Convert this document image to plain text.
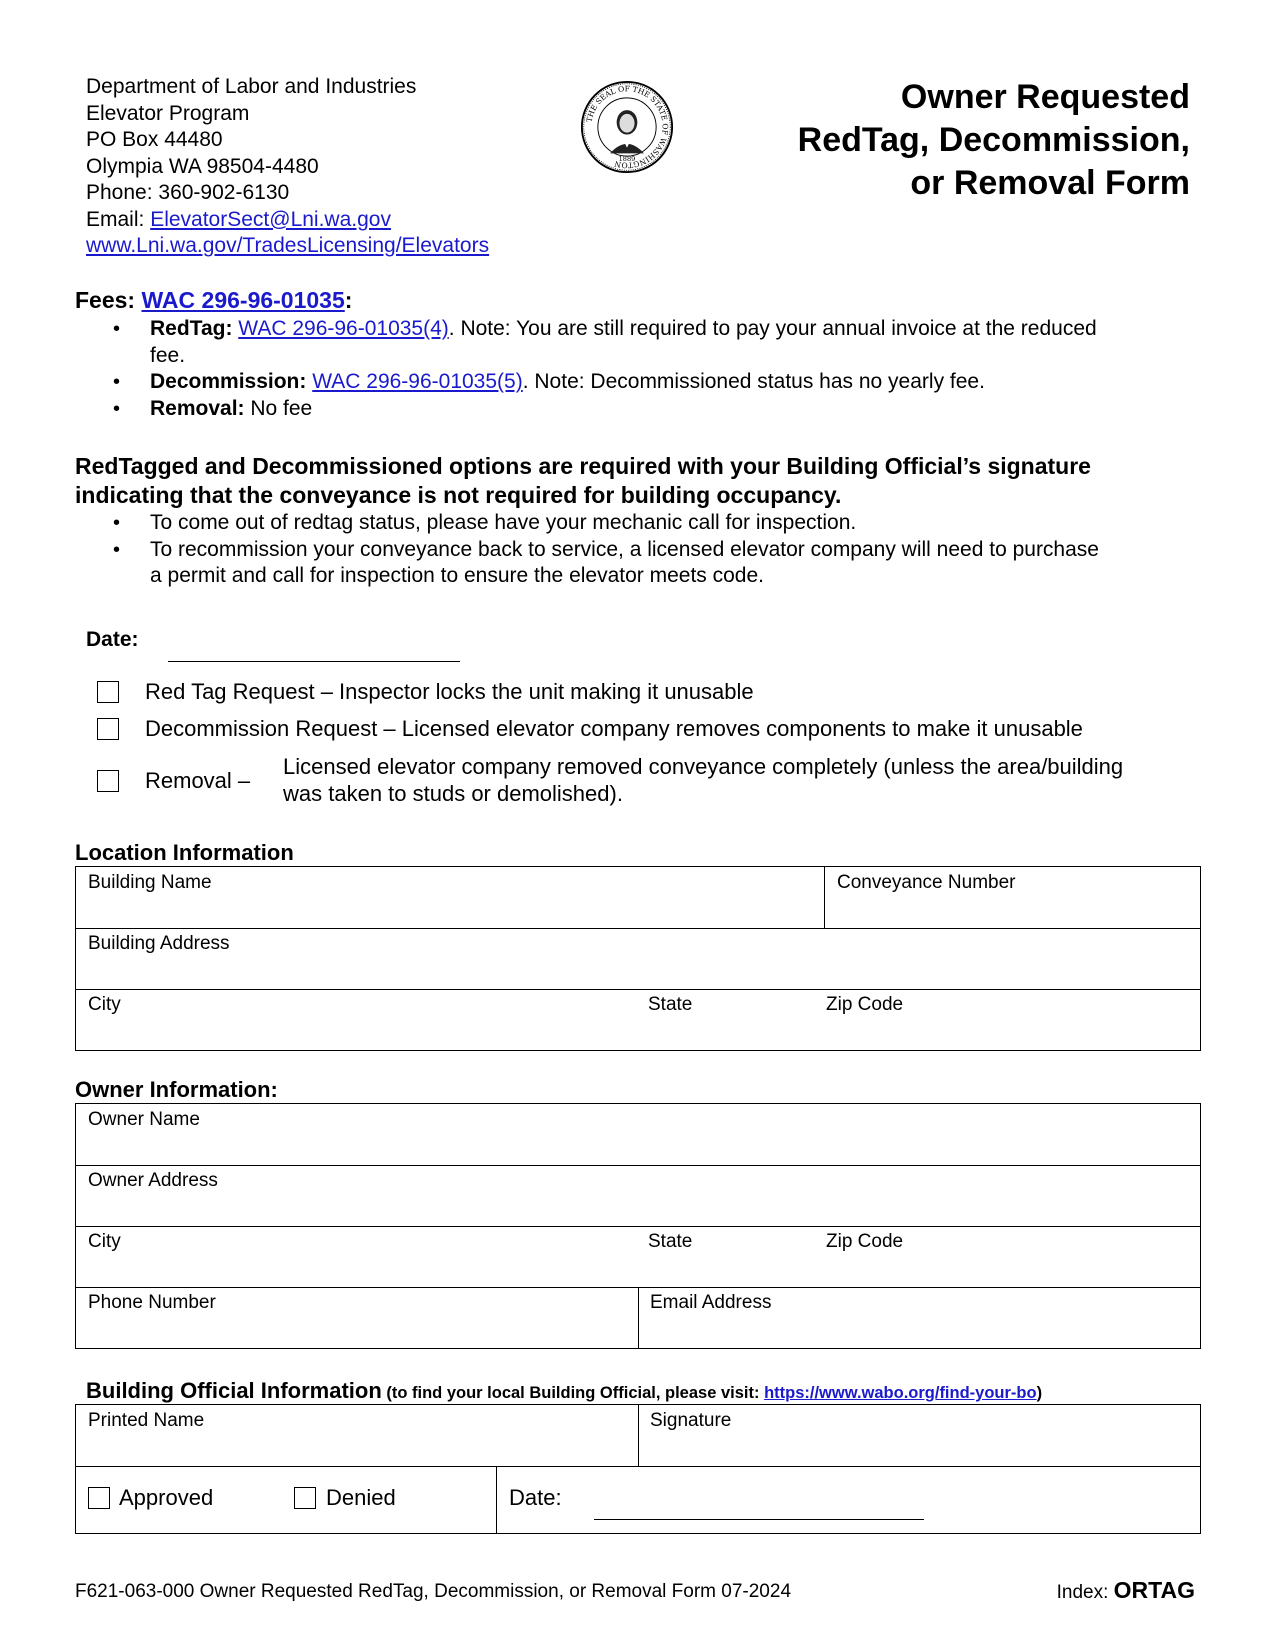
Department of Labor and Industries
Elevator Program
PO Box 44480
Olympia WA 98504-4480
Phone: 360-902-6130
Email: ElevatorSect@Lni.wa.gov
www.Lni.wa.gov/TradesLicensing/Elevators
THE SEAL OF THE STATE OF WASHINGTON
1889
Owner Requested
RedTag, Decommission,
or Removal Form
Fees: WAC 296-96-01035:
• RedTag: WAC 296-96-01035(4). Note: You are still required to pay your annual invoice at the reduced
fee.
• Decommission: WAC 296-96-01035(5). Note: Decommissioned status has no yearly fee.
• Removal: No fee
RedTagged and Decommissioned options are required with your Building Official’s signature
indicating that the conveyance is not required for building occupancy.
• To come out of redtag status, please have your mechanic call for inspection.
• To recommission your conveyance back to service, a licensed elevator company will need to purchase
a permit and call for inspection to ensure the elevator meets code.
Date:
Red Tag Request – Inspector locks the unit making it unusable
Decommission Request – Licensed elevator company removes components to make it unusable
Removal –
Licensed elevator company removed conveyance completely (unless the area/building
was taken to studs or demolished).
Location Information
Building Name	Conveyance Number
Building Address
City	State	Zip Code
Owner Information:
Owner Name
Owner Address
City	State	Zip Code
Phone Number	Email Address
Building Official Information (to find your local Building Official, please visit: https://www.wabo.org/find-your-bo)
Printed Name	Signature
Approved	Denied	Date:
F621-063-000 Owner Requested RedTag, Decommission, or Removal Form 07-2024	Index: ORTAG
